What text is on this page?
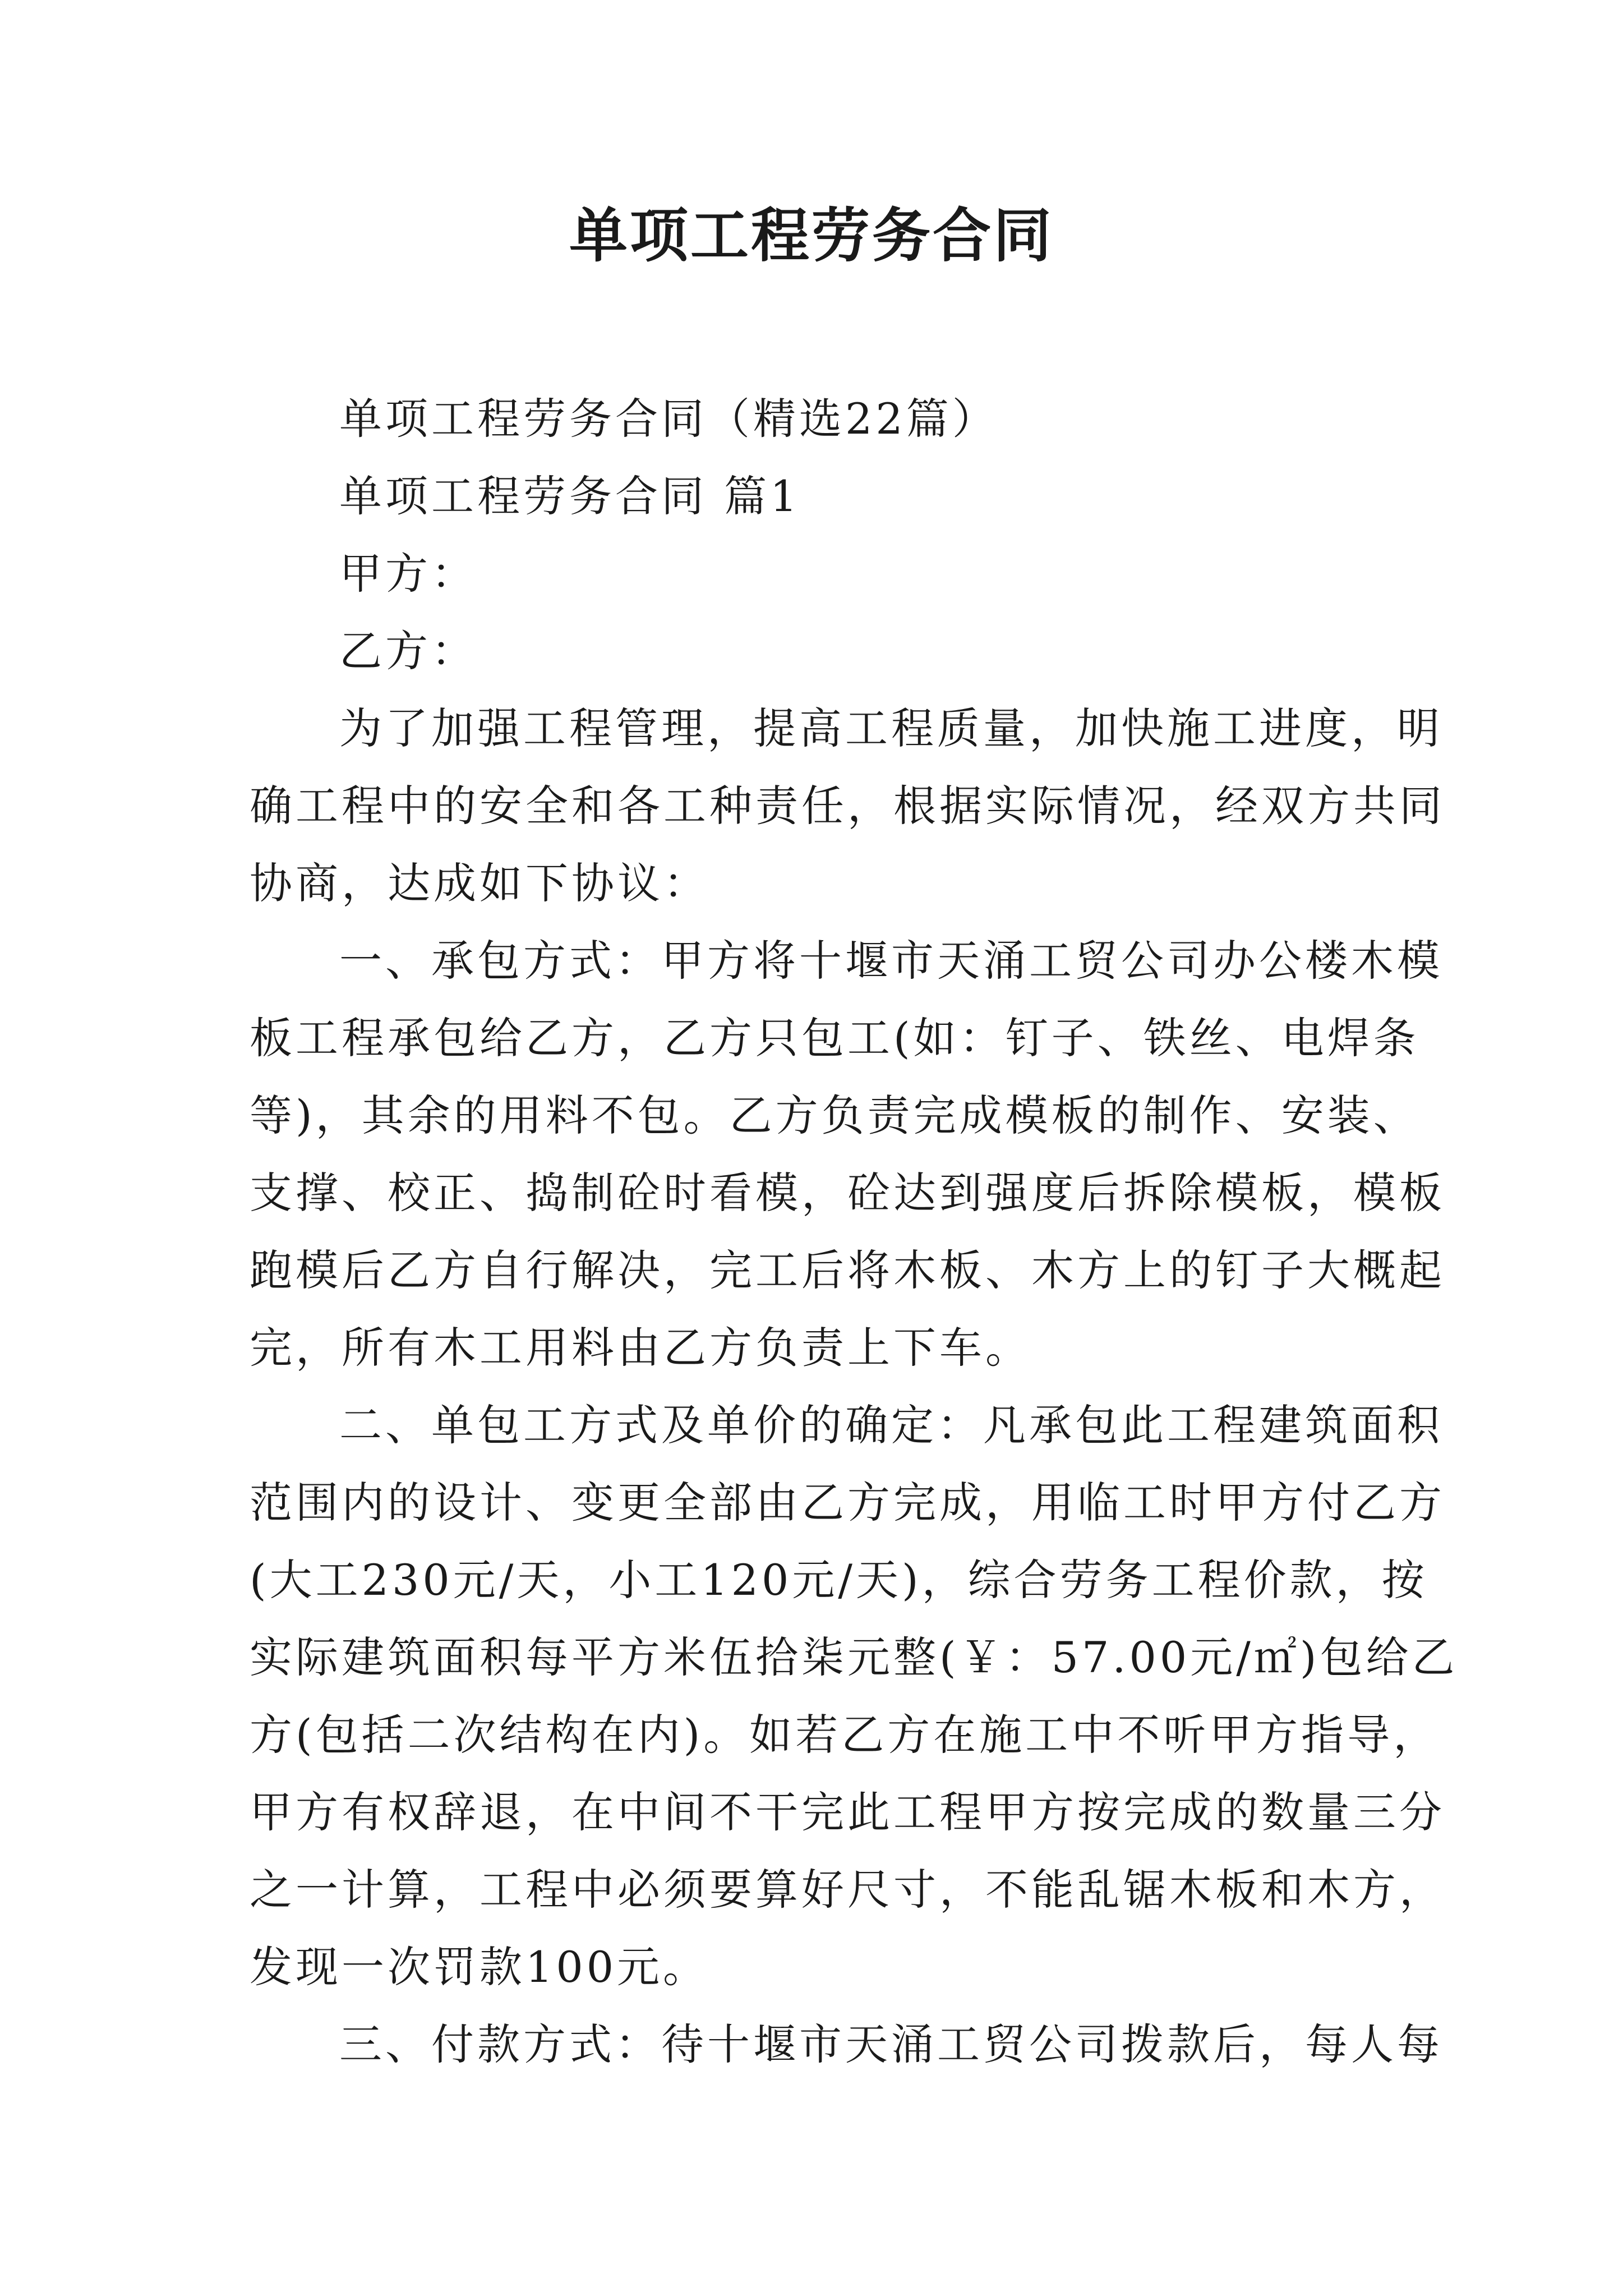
单项工程劳务合同

单项工程劳务合同（精选22篇）

单项工程劳务合同 篇1

甲方：

乙方：

为了加强工程管理，提高工程质量，加快施工进度，明

确工程中的安全和各工种责任，根据实际情况，经双方共同

协商，达成如下协议：

一、承包方式：甲方将十堰市天涌工贸公司办公楼木模

板工程承包给乙方，乙方只包工(如：钉子、铁丝、电焊条

等)，其余的用料不包。乙方负责完成模板的制作、安装、

支撑、校正、捣制砼时看模，砼达到强度后拆除模板，模板

跑模后乙方自行解决，完工后将木板、木方上的钉子大概起

完，所有木工用料由乙方负责上下车。

二、单包工方式及单价的确定：凡承包此工程建筑面积

范围内的设计、变更全部由乙方完成，用临工时甲方付乙方

(大工230元/天，小工120元/天)，综合劳务工程价款，按

实际建筑面积每平方米伍拾柒元整(￥：57.00元/㎡)包给乙

方(包括二次结构在内)。如若乙方在施工中不听甲方指导，

甲方有权辞退，在中间不干完此工程甲方按完成的数量三分

之一计算，工程中必须要算好尺寸，不能乱锯木板和木方，

发现一次罚款100元。

三、付款方式：待十堰市天涌工贸公司拨款后，每人每
